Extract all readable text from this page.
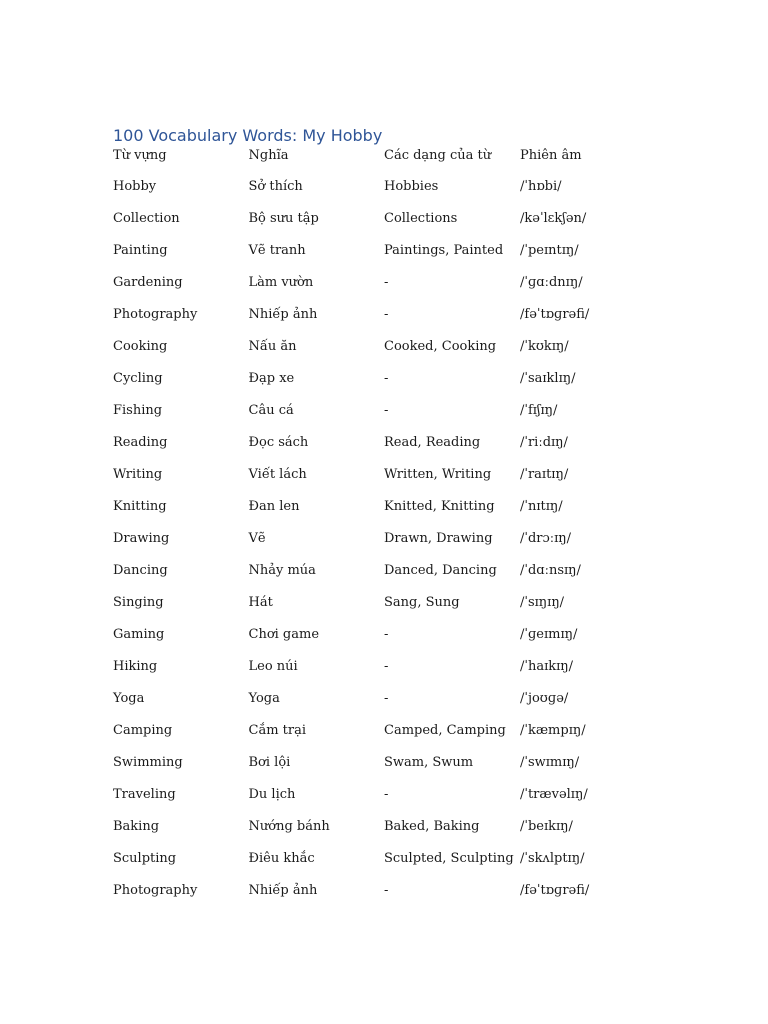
100 Vocabulary Words: My Hobby
Từ vựng	Nghĩa	Các dạng của từ	Phiên âm
Hobby	Sở thích	Hobbies	/ˈhɒbi/
Collection	Bộ sưu tập	Collections	/kəˈlɛkʃən/
Painting	Vẽ tranh	Paintings, Painted	/ˈpeɪntɪŋ/
Gardening	Làm vườn	-	/ˈɡɑːdnɪŋ/
Photography	Nhiếp ảnh	-	/fəˈtɒɡrəfi/
Cooking	Nấu ăn	Cooked, Cooking	/ˈkʊkɪŋ/
Cycling	Đạp xe	-	/ˈsaɪklɪŋ/
Fishing	Câu cá	-	/ˈfɪʃɪŋ/
Reading	Đọc sách	Read, Reading	/ˈriːdɪŋ/
Writing	Viết lách	Written, Writing	/ˈraɪtɪŋ/
Knitting	Đan len	Knitted, Knitting	/ˈnɪtɪŋ/
Drawing	Vẽ	Drawn, Drawing	/ˈdrɔːɪŋ/
Dancing	Nhảy múa	Danced, Dancing	/ˈdɑːnsɪŋ/
Singing	Hát	Sang, Sung	/ˈsɪŋɪŋ/
Gaming	Chơi game	-	/ˈɡeɪmɪŋ/
Hiking	Leo núi	-	/ˈhaɪkɪŋ/
Yoga	Yoga	-	/ˈjoʊɡə/
Camping	Cắm trại	Camped, Camping	/ˈkæmpɪŋ/
Swimming	Bơi lội	Swam, Swum	/ˈswɪmɪŋ/
Traveling	Du lịch	-	/ˈtrævəlɪŋ/
Baking	Nướng bánh	Baked, Baking	/ˈbeɪkɪŋ/
Sculpting	Điêu khắc	Sculpted, Sculpting	/ˈskʌlptɪŋ/
Photography	Nhiếp ảnh	-	/fəˈtɒɡrəfi/
